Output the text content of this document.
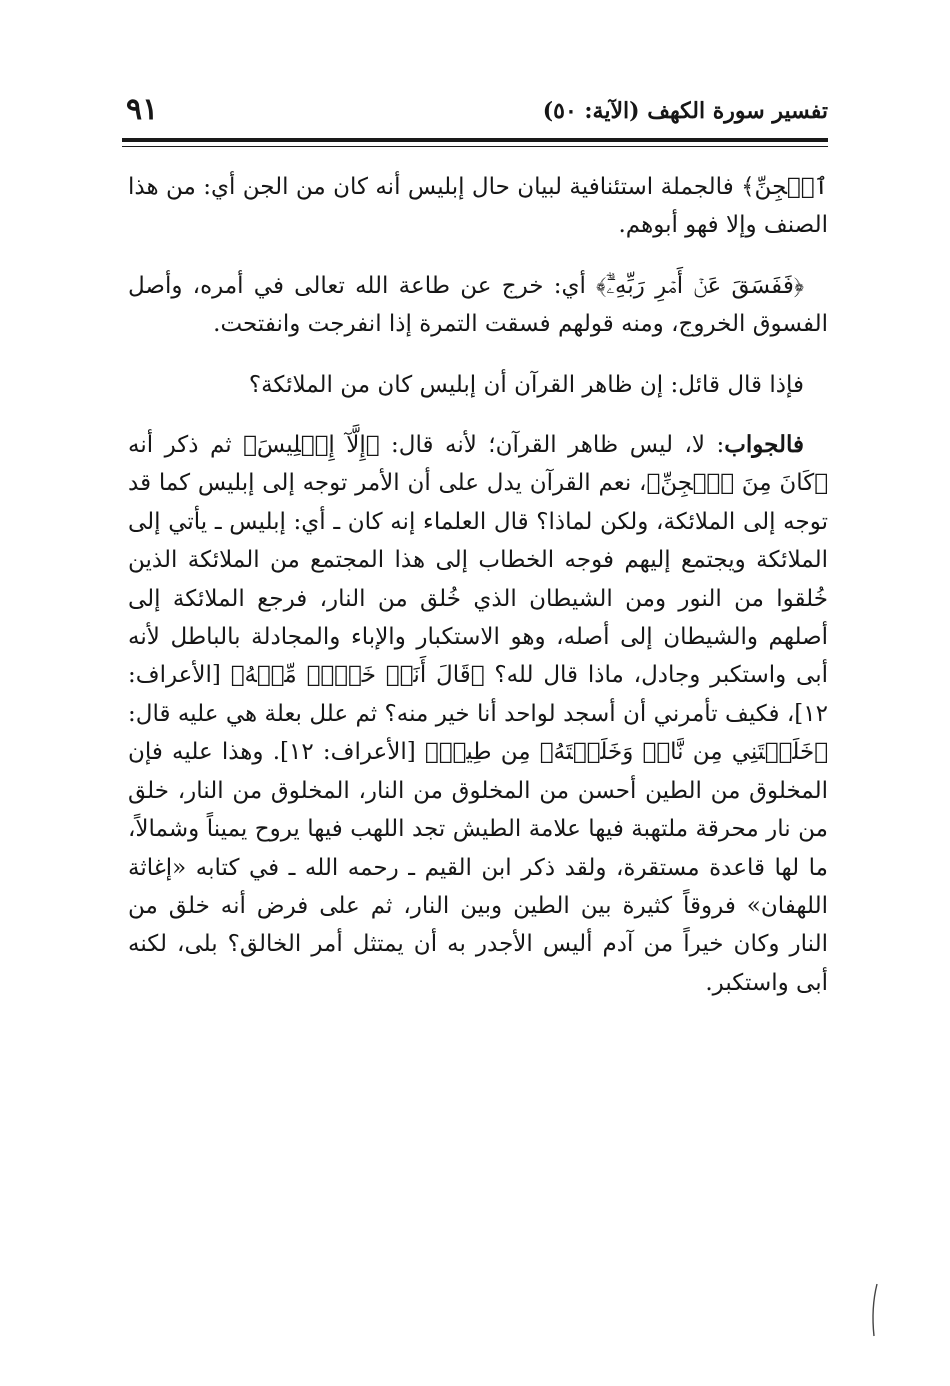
تفسير سورة الكهف (الآية: ٥٠)
٩١

ٱلۡجِنِّ﴾ فالجملة استئنافية لبيان حال إبليس أنه كان من الجن أي: من هذا الصنف وإلا فهو أبوهم.

﴿فَفَسَقَ عَنۡ أَمۡرِ رَبِّهِۦٓۗ﴾ أي: خرج عن طاعة الله تعالى في أمره، وأصل الفسوق الخروج، ومنه قولهم فسقت التمرة إذا انفرجت وانفتحت.

فإذا قال قائل: إن ظاهر القرآن أن إبليس كان من الملائكة؟

فالجواب: لا، ليس ظاهر القرآن؛ لأنه قال: ﴿إِلَّآ إِبۡلِيسَ﴾ ثم ذكر أنه ﴿كَانَ مِنَ ٱلۡجِنِّ﴾، نعم القرآن يدل على أن الأمر توجه إلى إبليس كما قد توجه إلى الملائكة، ولكن لماذا؟ قال العلماء إنه كان ـ أي: إبليس ـ يأتي إلى الملائكة ويجتمع إليهم فوجه الخطاب إلى هذا المجتمع من الملائكة الذين خُلقوا من النور ومن الشيطان الذي خُلق من النار، فرجع الملائكة إلى أصلهم والشيطان إلى أصله، وهو الاستكبار والإباء والمجادلة بالباطل لأنه أبى واستكبر وجادل، ماذا قال لله؟ ﴿قَالَ أَنَا۠ خَيۡرٞ مِّنۡهُ﴾ [الأعراف: ١٢]، فكيف تأمرني أن أسجد لواحد أنا خير منه؟ ثم علل بعلة هي عليه قال: ﴿خَلَقۡتَنِي مِن نَّارٖ وَخَلَقۡتَهُۥ مِن طِينٖ﴾ [الأعراف: ١٢]. وهذا عليه فإن المخلوق من الطين أحسن من المخلوق من النار، المخلوق من النار، خلق من نار محرقة ملتهبة فيها علامة الطيش تجد اللهب فيها يروح يميناً وشمالاً، ما لها قاعدة مستقرة، ولقد ذكر ابن القيم ـ رحمه الله ـ في كتابه «إغاثة اللهفان» فروقاً كثيرة بين الطين وبين النار، ثم على فرض أنه خلق من النار وكان خيراً من آدم أليس الأجدر به أن يمتثل أمر الخالق؟ بلى، لكنه أبى واستكبر.
